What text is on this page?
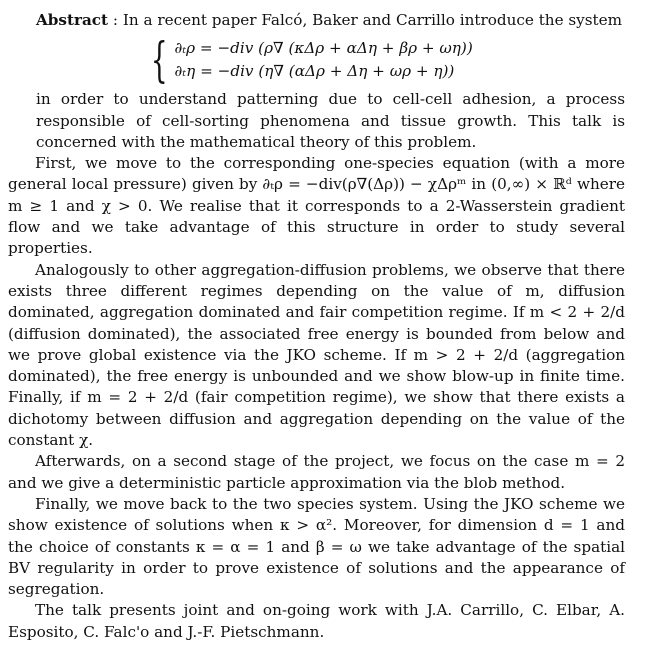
Abstract : In a recent paper Falcó, Baker and Carrillo introduce the system

{ ∂ₜρ = −div (ρ∇ (κΔρ + αΔη + βρ + ωη))
∂ₜη = −div (η∇ (αΔρ + Δη + ωρ + η))

in order to understand patterning due to cell-cell adhesion, a process responsible of cell-sorting phenomena and tissue growth. This talk is concerned with the mathematical theory of this problem.

First, we move to the corresponding one-species equation (with a more general local pressure) given by ∂ₜρ = −div(ρ∇(Δρ)) − χΔρᵐ in (0,∞) × ℝᵈ where m ≥ 1 and χ > 0. We realise that it corresponds to a 2-Wasserstein gradient flow and we take advantage of this structure in order to study several properties.

Analogously to other aggregation-diffusion problems, we observe that there exists three different regimes depending on the value of m, diffusion dominated, aggregation dominated and fair competition regime. If m < 2 + 2/d (diffusion dominated), the associated free energy is bounded from below and we prove global existence via the JKO scheme. If m > 2 + 2/d (aggregation dominated), the free energy is unbounded and we show blow-up in finite time. Finally, if m = 2 + 2/d (fair competition regime), we show that there exists a dichotomy between diffusion and aggregation depending on the value of the constant χ.

Afterwards, on a second stage of the project, we focus on the case m = 2 and we give a deterministic particle approximation via the blob method.

Finally, we move back to the two species system. Using the JKO scheme we show existence of solutions when κ > α². Moreover, for dimension d = 1 and the choice of constants κ = α = 1 and β = ω we take advantage of the spatial BV regularity in order to prove existence of solutions and the appearance of segregation.

The talk presents joint and on-going work with J.A. Carrillo, C. Elbar, A. Esposito, C. Falc'o and J.-F. Pietschmann.
